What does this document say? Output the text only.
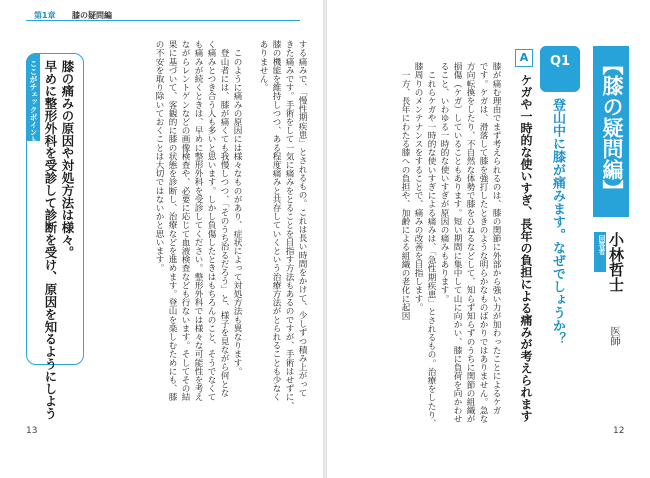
第1章 膝の疑問編
する痛みで、「慢性期疾患」とされるもの。これは長い時間をかけて、少しずつ積み上がって
きた痛みです。手術をして一気に痛みをとることを目指す方法もあるのですが、手術はせずに、
膝の機能を維持しつつ、ある程度痛みと共存していくという治療方法がとられることも少なく
ありません。
　このように痛みの原因には様々なものがあり、症状によって対処方法も異なります。
　登山者には、膝が痛くても我慢しつつ、「そのうち治るだろう」と、様子を見ながら何とな
く痛みとつき合う人も多いと思います。しかし負傷したときはもちろんのこと、そうでなくて
も痛みが続くときは、早めに整形外科を受診してください。整形外科では様々な可能性を考え
ながらレントゲンなどの画像検査や、必要に応じて血液検査なども行ないます。そしてその結
果に基づいて、客観的に膝の状態を診断し、治療などを進めます。登山を楽しむためにも、膝
の不安を取り除いておくことは大切ではないかと思います。
ここがチェックポイント 膝の痛みの原因や対処方法は様々。
早めに整形外科を受診して診断を受け、原因を知るようにしよう	【膝の疑問編】
Q1
登山中に膝が痛みます。なぜでしょうか？
A
ケガや一時的な使いすぎ、長年の負担による痛みが考えられます	回答者 小林哲士
医師
膝が痛む理由でまず考えられるのは、膝の関節に外部から強い力が加わったことによるケガ
です。ケガは、滑落して膝を強打したときのような明らかなものばかりではありません。急な
方向転換をしたり、不自然な体勢で膝をひねるなどして、知らず知らずのうちに関節の組織が
損傷（ケガ）していることもあります。短い期間に集中して山に向かい、膝に負荷を向かわせ
ること、いわゆる一時的な使いすぎが原因の痛みもあります。
　これらケガや一時的な使いすぎによる痛みは、「急性期疾患」とされるもの。治療をしたり、
膝周りのメンテナンスをすることで、痛みの改善を目指します。
　一方、長年にわたる膝への負担や、加齢による組織の老化に起因
13	12
